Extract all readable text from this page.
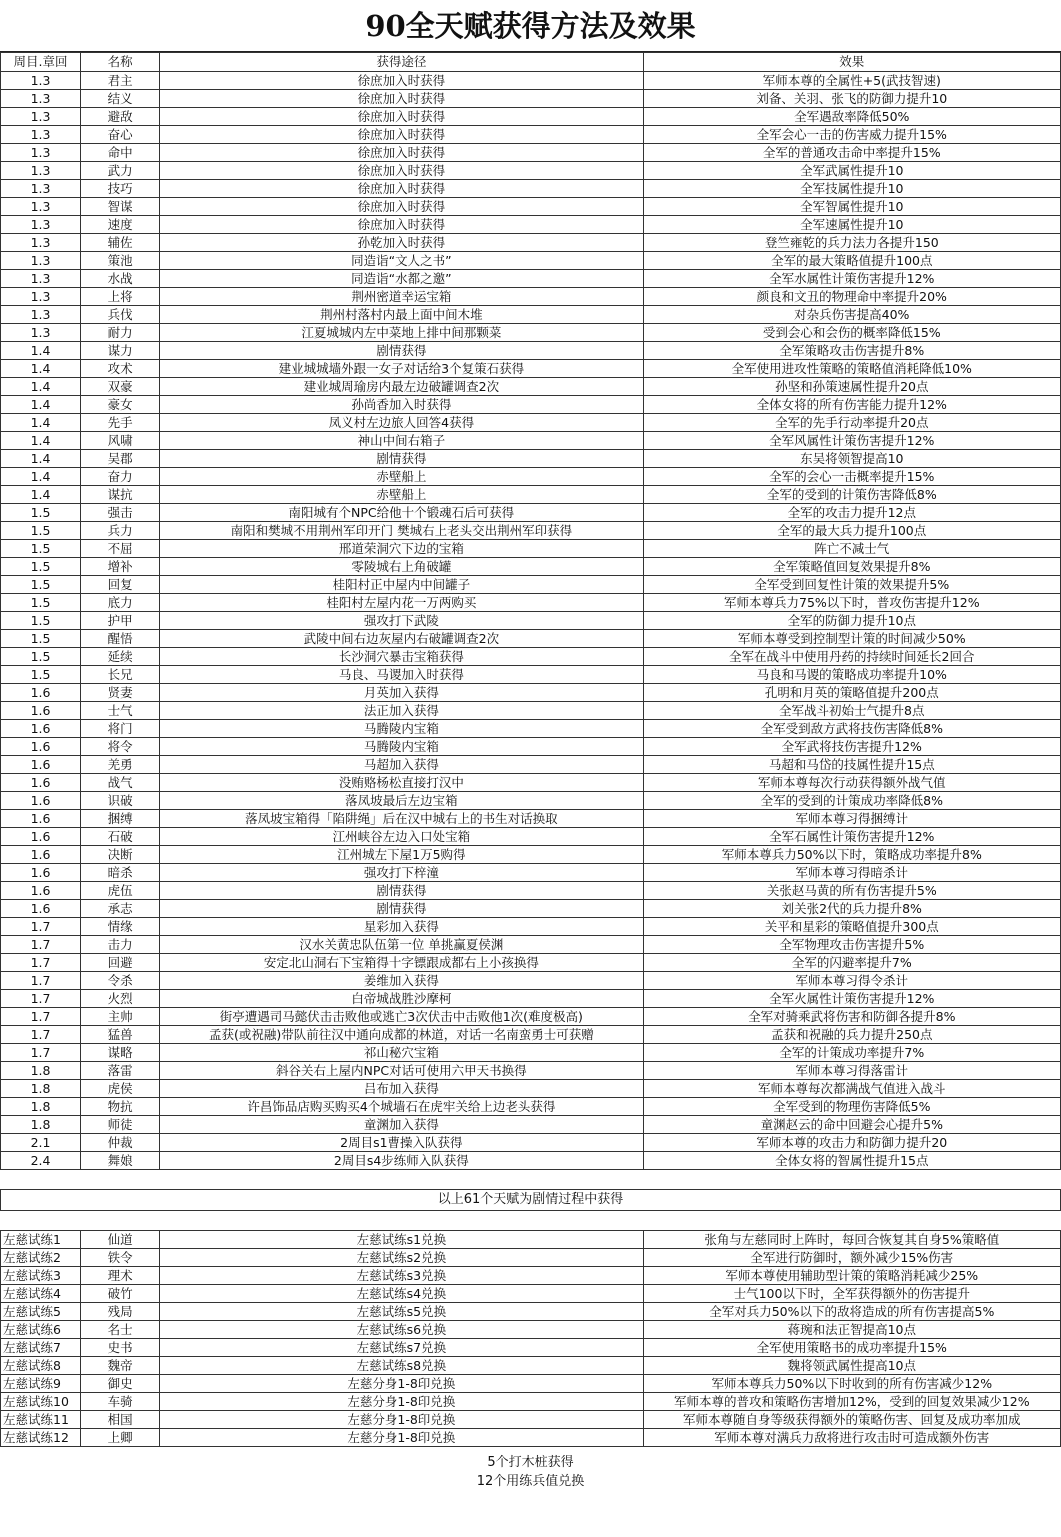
90全天赋获得方法及效果
周目.章回	名称	获得途径	效果
1.3	君主	徐庶加入时获得	军师本尊的全属性+5(武技智速)
1.3	结义	徐庶加入时获得	刘备、关羽、张飞的防御力提升10
1.3	避敌	徐庶加入时获得	全军遇敌率降低50%
1.3	奋心	徐庶加入时获得	全军会心一击的伤害威力提升15%
1.3	命中	徐庶加入时获得	全军的普通攻击命中率提升15%
1.3	武力	徐庶加入时获得	全军武属性提升10
1.3	技巧	徐庶加入时获得	全军技属性提升10
1.3	智谋	徐庶加入时获得	全军智属性提升10
1.3	速度	徐庶加入时获得	全军速属性提升10
1.3	辅佐	孙乾加入时获得	登竺雍乾的兵力法力各提升150
1.3	策池	同造诣“文人之书”	全军的最大策略值提升100点
1.3	水战	同造诣“水都之邀”	全军水属性计策伤害提升12%
1.3	上将	荆州密道幸运宝箱	颜良和文丑的物理命中率提升20%
1.3	兵伐	荆州村落村内最上面中间木堆	对杂兵伤害提高40%
1.3	耐力	江夏城城内左中菜地上排中间那颗菜	受到会心和会伤的概率降低15%
1.4	谋力	剧情获得	全军策略攻击伤害提升8%
1.4	攻术	建业城城墙外跟一女子对话给3个复策石获得	全军使用进攻性策略的策略值消耗降低10%
1.4	双豪	建业城周瑜房内最左边破罐调查2次	孙坚和孙策速属性提升20点
1.4	豪女	孙尚香加入时获得	全体女将的所有伤害能力提升12%
1.4	先手	凤义村左边旅人回答4获得	全军的先手行动率提升20点
1.4	风啸	神山中间右箱子	全军风属性计策伤害提升12%
1.4	吴郡	剧情获得	东吴将领智提高10
1.4	奋力	赤壁船上	全军的会心一击概率提升15%
1.4	谋抗	赤壁船上	全军的受到的计策伤害降低8%
1.5	强击	南阳城有个NPC给他十个锻魂石后可获得	全军的攻击力提升12点
1.5	兵力	南阳和樊城不用荆州军印开门 樊城右上老头交出荆州军印获得	全军的最大兵力提升100点
1.5	不屈	邢道荣洞穴下边的宝箱	阵亡不减士气
1.5	增补	零陵城右上角破罐	全军策略值回复效果提升8%
1.5	回复	桂阳村正中屋内中间罐子	全军受到回复性计策的效果提升5%
1.5	底力	桂阳村左屋内花一万两购买	军师本尊兵力75%以下时，普攻伤害提升12%
1.5	护甲	强攻打下武陵	全军的防御力提升10点
1.5	醒悟	武陵中间右边灰屋内右破罐调查2次	军师本尊受到控制型计策的时间减少50%
1.5	延续	长沙洞穴暴击宝箱获得	全军在战斗中使用丹药的持续时间延长2回合
1.5	长兄	马良、马谡加入时获得	马良和马谡的策略成功率提升10%
1.6	贤妻	月英加入获得	孔明和月英的策略值提升200点
1.6	士气	法正加入获得	全军战斗初始士气提升8点
1.6	将门	马腾陵内宝箱	全军受到敌方武将技伤害降低8%
1.6	将令	马腾陵内宝箱	全军武将技伤害提升12%
1.6	羌勇	马超加入获得	马超和马岱的技属性提升15点
1.6	战气	没贿赂杨松直接打汉中	军师本尊每次行动获得额外战气值
1.6	识破	落凤坡最后左边宝箱	全军的受到的计策成功率降低8%
1.6	捆缚	落凤坡宝箱得「陷阱绳」后在汉中城右上的书生对话换取	军师本尊习得捆缚计
1.6	石破	江州峡谷左边入口处宝箱	全军石属性计策伤害提升12%
1.6	决断	江州城左下屋1万5购得	军师本尊兵力50%以下时，策略成功率提升8%
1.6	暗杀	强攻打下梓潼	军师本尊习得暗杀计
1.6	虎伍	剧情获得	关张赵马黄的所有伤害提升5%
1.6	承志	剧情获得	刘关张2代的兵力提升8%
1.7	情缘	星彩加入获得	关平和星彩的策略值提升300点
1.7	击力	汉水关黄忠队伍第一位 单挑赢夏侯渊	全军物理攻击伤害提升5%
1.7	回避	安定北山洞右下宝箱得十字镖跟成都右上小孩换得	全军的闪避率提升7%
1.7	令杀	姜维加入获得	军师本尊习得令杀计
1.7	火烈	白帝城战胜沙摩柯	全军火属性计策伤害提升12%
1.7	主帅	街亭遭遇司马懿伏击击败他或逃亡3次伏击中击败他1次(难度极高)	全军对骑乘武将伤害和防御各提升8%
1.7	猛兽	孟获(或祝融)带队前往汉中通向成都的林道，对话一名南蛮勇士可获赠	孟获和祝融的兵力提升250点
1.7	谋略	祁山秘穴宝箱	全军的计策成功率提升7%
1.8	落雷	斜谷关右上屋内NPC对话可使用六甲天书换得	军师本尊习得落雷计
1.8	虎侯	吕布加入获得	军师本尊每次都满战气值进入战斗
1.8	物抗	许昌饰品店购买购买4个城墙石在虎牢关给上边老头获得	全军受到的物理伤害降低5%
1.8	师徒	童渊加入获得	童渊赵云的命中回避会心提升5%
2.1	仲裁	2周目s1曹操入队获得	军师本尊的攻击力和防御力提升20
2.4	舞娘	2周目s4步练师入队获得	全体女将的智属性提升15点

以上61个天赋为剧情过程中获得			

左慈试练1	仙道	左慈试练s1兑换	张角与左慈同时上阵时，每回合恢复其自身5%策略值
左慈试练2	铁令	左慈试练s2兑换	全军进行防御时，额外减少15%伤害
左慈试练3	理术	左慈试练s3兑换	军师本尊使用辅助型计策的策略消耗减少25%
左慈试练4	破竹	左慈试练s4兑换	士气100以下时，全军获得额外的伤害提升
左慈试练5	残局	左慈试练s5兑换	全军对兵力50%以下的敌将造成的所有伤害提高5%
左慈试练6	名士	左慈试练s6兑换	蒋琬和法正智提高10点
左慈试练7	史书	左慈试练s7兑换	全军使用策略书的成功率提升15%
左慈试练8	魏帝	左慈试练s8兑换	魏将领武属性提高10点
左慈试练9	御史	左慈分身1-8印兑换	军师本尊兵力50%以下时收到的所有伤害减少12%
左慈试练10	车骑	左慈分身1-8印兑换	军师本尊的普攻和策略伤害增加12%，受到的回复效果减少12%
左慈试练11	相国	左慈分身1-8印兑换	军师本尊随自身等级获得额外的策略伤害、回复及成功率加成
左慈试练12	上卿	左慈分身1-8印兑换	军师本尊对满兵力敌将进行攻击时可造成额外伤害
5个打木桩获得
12个用练兵值兑换
